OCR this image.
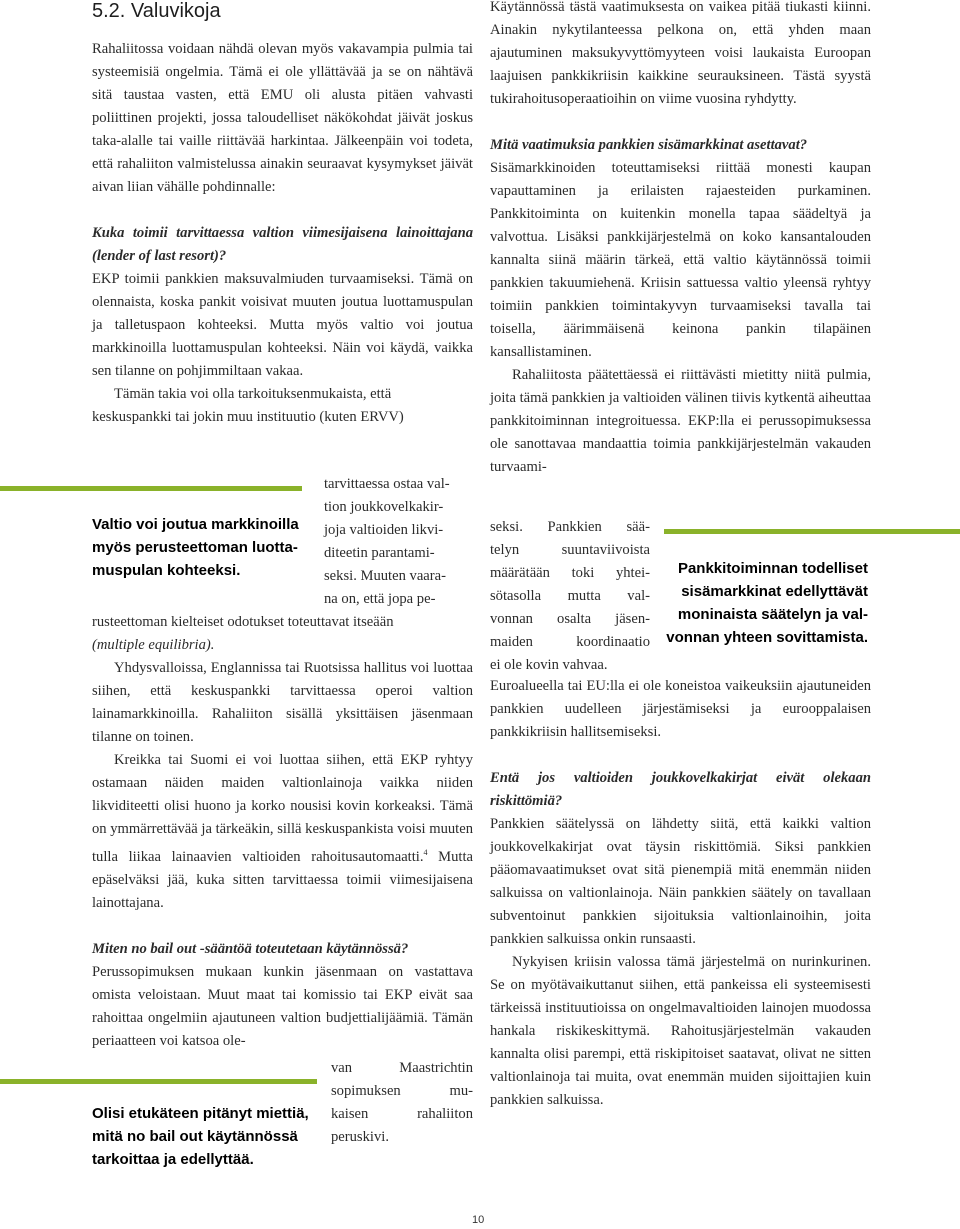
5.2. Valuvikoja

Rahaliitossa voidaan nähdä olevan myös vakavampia pulmia tai systeemisiä ongelmia. Tämä ei ole yllättävää ja se on nähtävä sitä taustaa vasten, että EMU oli alusta pitäen vahvasti poliittinen projekti, jossa taloudelliset näkökohdat jäivät joskus taka-alalle tai vaille riittävää harkintaa. Jälkeenpäin voi todeta, että rahaliiton valmistelussa ainakin seuraavat kysymykset jäivät aivan liian vähälle pohdinnalle:

Kuka toimii tarvittaessa valtion viimesijaisena lainoittajana (lender of last resort)?

EKP toimii pankkien maksuvalmiuden turvaamiseksi. Tämä on olennaista, koska pankit voisivat muuten joutua luottamuspulan ja talletuspaon kohteeksi. Mutta myös valtio voi joutua markkinoilla luottamuspulan kohteeksi. Näin voi käydä, vaikka sen tilanne on pohjimmiltaan vakaa.

Tämän takia voi olla tarkoituksenmukaista, että

keskuspankki tai jokin muu instituutio (kuten ERVV)

tarvittaessa ostaa val-

tion joukkovelkakir-

joja valtioiden likvi-

diteetin parantami-

seksi. Muuten vaara-

na on, että jopa pe-

Valtio voi joutua markkinoilla
myös perusteettoman luotta-
muspulan kohteeksi.

rusteettoman kielteiset odotukset toteuttavat itseään

(multiple equilibria).

Yhdysvalloissa, Englannissa tai Ruotsissa hallitus voi luottaa siihen, että keskuspankki tarvittaessa operoi valtion lainamarkkinoilla. Rahaliiton sisällä yksittäisen jäsenmaan tilanne on toinen.

Kreikka tai Suomi ei voi luottaa siihen, että EKP ryhtyy ostamaan näiden maiden valtionlainoja vaikka niiden likviditeetti olisi huono ja korko nousisi kovin korkeaksi. Tämä on ymmärrettävää ja tärkeäkin, sillä keskuspankista voisi muuten tulla liikaa lainaavien valtioiden rahoitusautomaatti.$^4$ Mutta epäselväksi jää, kuka sitten tarvittaessa toimii viimesijaisena lainottajana.

Miten no bail out -sääntöä toteutetaan käytännössä?

Perussopimuksen mukaan kunkin jäsenmaan on vastattava omista veloistaan. Muut maat tai komissio tai EKP eivät saa rahoittaa ongelmiin ajautuneen valtion budjettialijäämiä. Tämän periaatteen voi katsoa ole-

van Maastrichtin

sopimuksen mu-

kaisen rahaliiton

peruskivi.

Olisi etukäteen pitänyt miettiä,
mitä no bail out käytännössä
tarkoittaa ja edellyttää.

Käytännössä tästä vaatimuksesta on vaikea pitää tiukasti kiinni. Ainakin nykytilanteessa pelkona on, että yhden maan ajautuminen maksukyvyttömyyteen voisi laukaista Euroopan laajuisen pankkikriisin kaikkine seurauksineen. Tästä syystä tukirahoitusoperaatioihin on viime vuosina ryhdytty.

Mitä vaatimuksia pankkien sisämarkkinat asettavat?

Sisämarkkinoiden toteuttamiseksi riittää monesti kaupan vapauttaminen ja erilaisten rajaesteiden purkaminen. Pankkitoiminta on kuitenkin monella tapaa säädeltyä ja valvottua. Lisäksi pankkijärjestelmä on koko kansantalouden kannalta siinä määrin tärkeä, että valtio käytännössä toimii pankkien takuumiehenä. Kriisin sattuessa valtio yleensä ryhtyy toimiin pankkien toimintakyvyn turvaamiseksi tavalla tai toisella, äärimmäisenä keinona pankin tilapäinen kansallistaminen.

Rahaliitosta päätettäessä ei riittävästi mietitty niitä pulmia, joita tämä pankkien ja valtioiden välinen tiivis kytkentä aiheuttaa pankkitoiminnan integroituessa. EKP:lla ei perussopimuksessa ole sanottavaa mandaattia toimia pankkijärjestelmän vakauden turvaami-

seksi. Pankkien sää-

telyn suuntaviivoista

määrätään toki yhtei-

sötasolla mutta val-

vonnan osalta jäsen-

maiden koordinaatio

ei ole kovin vahvaa.

Pankkitoiminnan todelliset
sisämarkkinat edellyttävät
moninaista säätelyn ja val-
vonnan yhteen sovittamista.

Euroalueella tai EU:lla ei ole koneistoa vaikeuksiin ajautuneiden pankkien uudelleen järjestämiseksi ja eurooppalaisen pankkikriisin hallitsemiseksi.

Entä jos valtioiden joukkovelkakirjat eivät olekaan riskittömiä?

Pankkien säätelyssä on lähdetty siitä, että kaikki valtion joukkovelkakirjat ovat täysin riskittömiä. Siksi pankkien pääomavaatimukset ovat sitä pienempiä mitä enemmän niiden salkuissa on valtionlainoja. Näin pankkien säätely on tavallaan subventoinut pankkien sijoituksia valtionlainoihin, joita pankkien salkuissa onkin runsaasti.

Nykyisen kriisin valossa tämä järjestelmä on nurinkurinen. Se on myötävaikuttanut siihen, että pankeissa eli systeemisesti tärkeissä instituutioissa on ongelmavaltioiden lainojen muodossa hankala riskikeskittymä. Rahoitusjärjestelmän vakauden kannalta olisi parempi, että riskipitoiset saatavat, olivat ne sitten valtionlainoja tai muita, ovat enemmän muiden sijoittajien kuin pankkien salkuissa.

10
